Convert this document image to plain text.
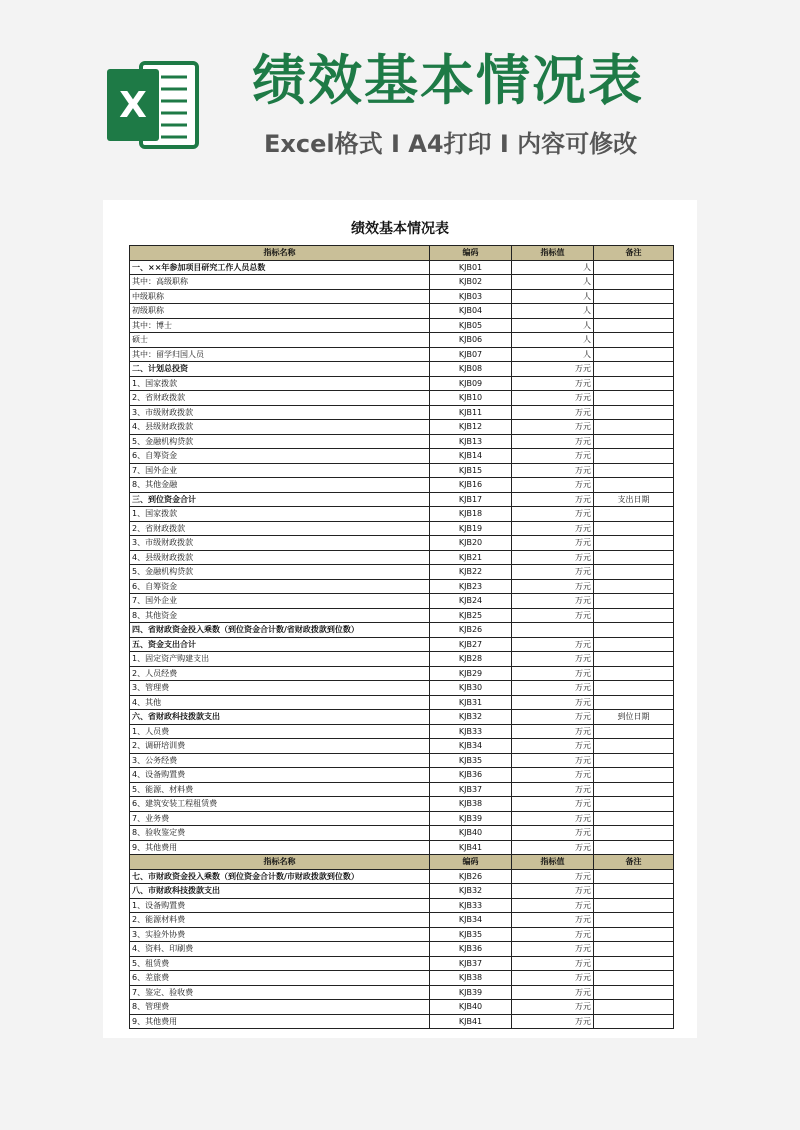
X 绩效基本情况表
Excel格式 I A4打印 I 内容可修改
绩效基本情况表
指标名称	编码	指标值	备注
一、××年参加项目研究工作人员总数	KJB01	人	
其中：高级职称	KJB02	人	
中级职称	KJB03	人	
初级职称	KJB04	人	
其中：博士	KJB05	人	
硕士	KJB06	人	
其中：留学归国人员	KJB07	人	
二、计划总投资	KJB08	万元	
1、国家拨款	KJB09	万元	
2、省财政拨款	KJB10	万元	
3、市级财政拨款	KJB11	万元	
4、县级财政拨款	KJB12	万元	
5、金融机构贷款	KJB13	万元	
6、自筹资金	KJB14	万元	
7、国外企业	KJB15	万元	
8、其他金融	KJB16	万元	
三、到位资金合计	KJB17	万元	支出日期
1、国家拨款	KJB18	万元	
2、省财政拨款	KJB19	万元	
3、市级财政拨款	KJB20	万元	
4、县级财政拨款	KJB21	万元	
5、金融机构贷款	KJB22	万元	
6、自筹资金	KJB23	万元	
7、国外企业	KJB24	万元	
8、其他资金	KJB25	万元	
四、省财政资金投入乘数（到位资金合计数/省财政拨款到位数）	KJB26		
五、资金支出合计	KJB27	万元	
1、固定资产购建支出	KJB28	万元	
2、人员经费	KJB29	万元	
3、管理费	KJB30	万元	
4、其他	KJB31	万元	
六、省财政科技拨款支出	KJB32	万元	到位日期
1、人员费	KJB33	万元	
2、调研培训费	KJB34	万元	
3、公务经费	KJB35	万元	
4、设备购置费	KJB36	万元	
5、能源、材料费	KJB37	万元	
6、建筑安装工程租赁费	KJB38	万元	
7、业务费	KJB39	万元	
8、验收鉴定费	KJB40	万元	
9、其他费用	KJB41	万元	
指标名称	编码	指标值	备注
七、市财政资金投入乘数（到位资金合计数/市财政拨款到位数）	KJB26	万元	
八、市财政科技拨款支出	KJB32	万元	
1、设备购置费	KJB33	万元	
2、能源材料费	KJB34	万元	
3、实验外协费	KJB35	万元	
4、资料、印刷费	KJB36	万元	
5、租赁费	KJB37	万元	
6、差旅费	KJB38	万元	
7、鉴定、验收费	KJB39	万元	
8、管理费	KJB40	万元	
9、其他费用	KJB41	万元	
